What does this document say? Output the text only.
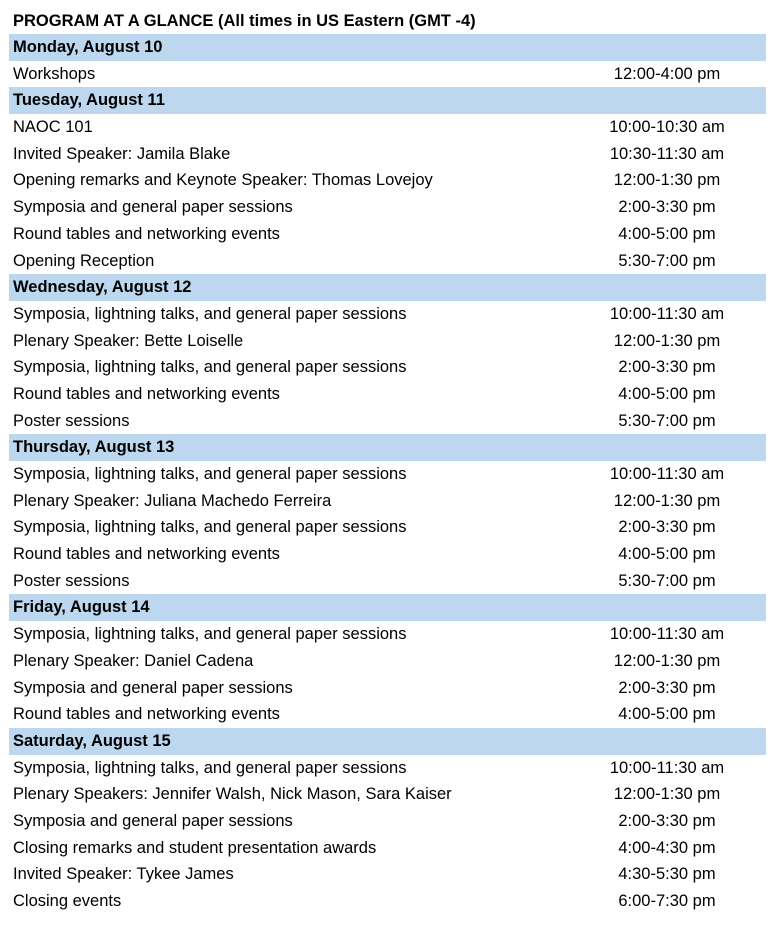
PROGRAM AT A GLANCE (All times in US Eastern (GMT -4)
Monday, August 10
Workshops	12:00-4:00 pm
Tuesday, August 11
NAOC 101	10:00-10:30 am
Invited Speaker: Jamila Blake	10:30-11:30 am
Opening remarks and Keynote Speaker: Thomas Lovejoy	12:00-1:30 pm
Symposia and general paper sessions	2:00-3:30 pm
Round tables and networking events	4:00-5:00 pm
Opening Reception	5:30-7:00 pm
Wednesday, August 12
Symposia, lightning talks, and general paper sessions	10:00-11:30 am
Plenary Speaker: Bette Loiselle	12:00-1:30 pm
Symposia, lightning talks, and general paper sessions	2:00-3:30 pm
Round tables and networking events	4:00-5:00 pm
Poster sessions	5:30-7:00 pm
Thursday, August 13
Symposia, lightning talks, and general paper sessions	10:00-11:30 am
Plenary Speaker: Juliana Machedo Ferreira	12:00-1:30 pm
Symposia, lightning talks, and general paper sessions	2:00-3:30 pm
Round tables and networking events	4:00-5:00 pm
Poster sessions	5:30-7:00 pm
Friday, August 14
Symposia, lightning talks, and general paper sessions	10:00-11:30 am
Plenary Speaker: Daniel Cadena	12:00-1:30 pm
Symposia and general paper sessions	2:00-3:30 pm
Round tables and networking events	4:00-5:00 pm
Saturday, August 15
Symposia, lightning talks, and general paper sessions	10:00-11:30 am
Plenary Speakers: Jennifer Walsh, Nick Mason, Sara Kaiser	12:00-1:30 pm
Symposia and general paper sessions	2:00-3:30 pm
Closing remarks and student presentation awards	4:00-4:30 pm
Invited Speaker: Tykee James	4:30-5:30 pm
Closing events	6:00-7:30 pm
